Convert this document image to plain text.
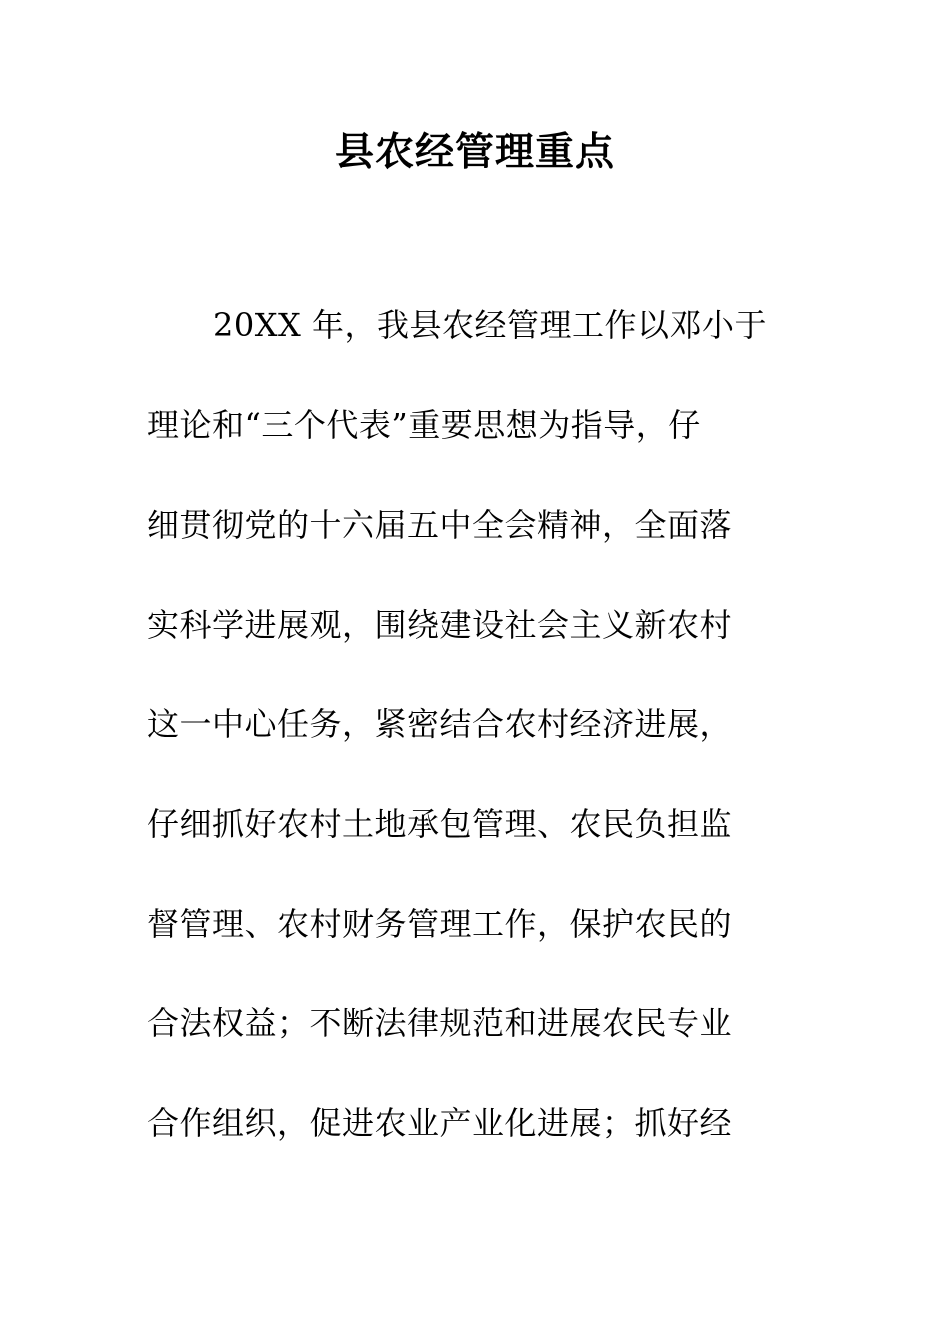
县农经管理重点
20XX 年，我县农经管理工作以邓小于
理论和“三个代表”重要思想为指导，仔
细贯彻党的十六届五中全会精神，全面落
实科学进展观，围绕建设社会主义新农村
这一中心任务，紧密结合农村经济进展，
仔细抓好农村土地承包管理、农民负担监
督管理、农村财务管理工作，保护农民的
合法权益；不断法律规范和进展农民专业
合作组织，促进农业产业化进展；抓好经
